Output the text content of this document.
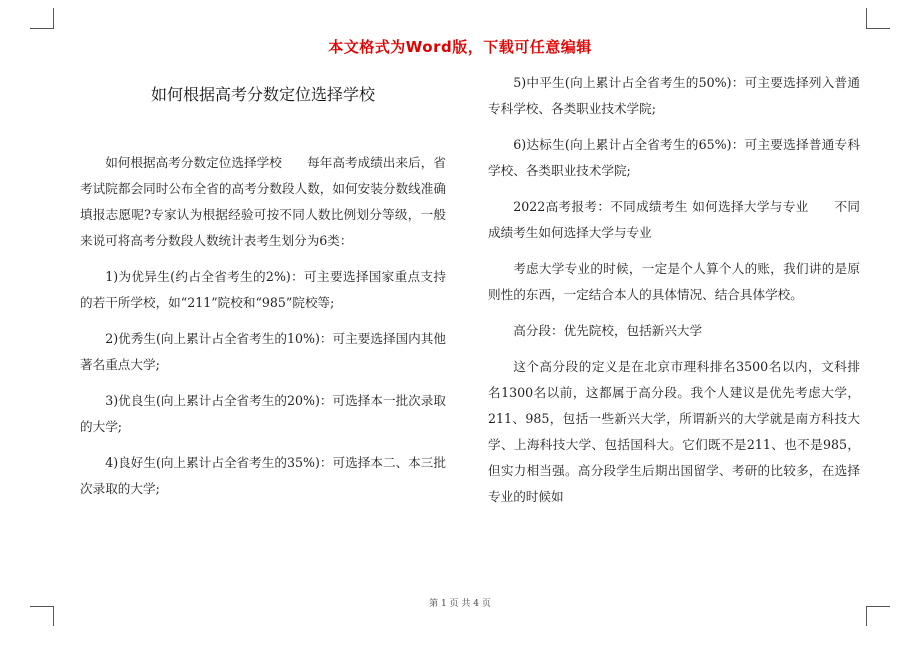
本文格式为Word版，下载可任意编辑

如何根据高考分数定位选择学校

如何根据高考分数定位选择学校　　每年高考成绩出来后，省考试院都会同时公布全省的高考分数段人数，如何安装分数线准确填报志愿呢?专家认为根据经验可按不同人数比例划分等级，一般来说可将高考分数段人数统计表考生划分为6类：

1)为优异生(约占全省考生的2%)：可主要选择国家重点支持的若干所学校，如“211”院校和“985”院校等;

2)优秀生(向上累计占全省考生的10%)：可主要选择国内其他著名重点大学;

3)优良生(向上累计占全省考生的20%)：可选择本一批次录取的大学;

4)良好生(向上累计占全省考生的35%)：可选择本二、本三批次录取的大学;

5)中平生(向上累计占全省考生的50%)：可主要选择列入普通专科学校、各类职业技术学院;

6)达标生(向上累计占全省考生的65%)：可主要选择普通专科学校、各类职业技术学院;

2022高考报考：不同成绩考生 如何选择大学与专业　　不同成绩考生如何选择大学与专业

考虑大学专业的时候，一定是个人算个人的账，我们讲的是原则性的东西，一定结合本人的具体情况、结合具体学校。

高分段：优先院校，包括新兴大学

这个高分段的定义是在北京市理科排名3500名以内，文科排名1300名以前，这都属于高分段。我个人建议是优先考虑大学，211、985，包括一些新兴大学，所谓新兴的大学就是南方科技大学、上海科技大学、包括国科大。它们既不是211、也不是985，但实力相当强。高分段学生后期出国留学、考研的比较多，在选择专业的时候如

第 1 页 共 4 页
